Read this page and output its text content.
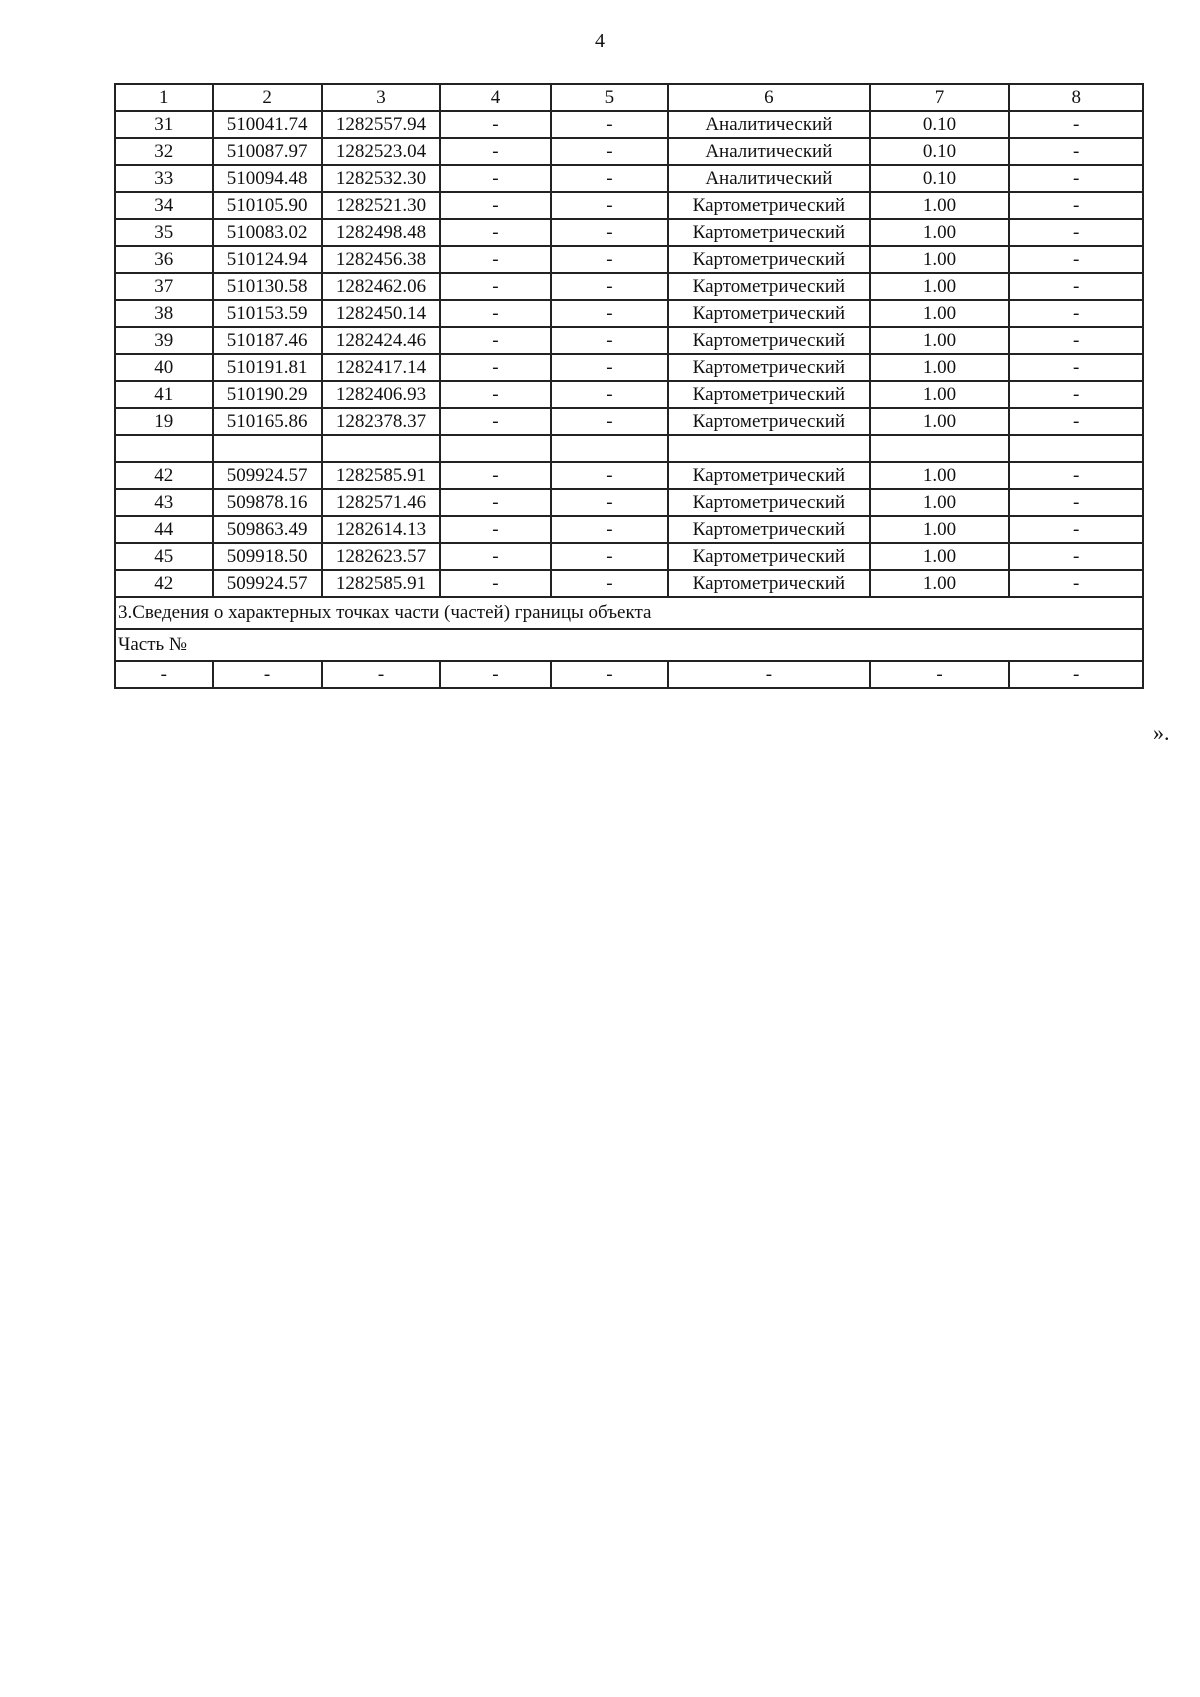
4
1	2	3	4	5	6	7	8
31	510041.74	1282557.94	-	-	Аналитический	0.10	-
32	510087.97	1282523.04	-	-	Аналитический	0.10	-
33	510094.48	1282532.30	-	-	Аналитический	0.10	-
34	510105.90	1282521.30	-	-	Картометрический	1.00	-
35	510083.02	1282498.48	-	-	Картометрический	1.00	-
36	510124.94	1282456.38	-	-	Картометрический	1.00	-
37	510130.58	1282462.06	-	-	Картометрический	1.00	-
38	510153.59	1282450.14	-	-	Картометрический	1.00	-
39	510187.46	1282424.46	-	-	Картометрический	1.00	-
40	510191.81	1282417.14	-	-	Картометрический	1.00	-
41	510190.29	1282406.93	-	-	Картометрический	1.00	-
19	510165.86	1282378.37	-	-	Картометрический	1.00	-

42	509924.57	1282585.91	-	-	Картометрический	1.00	-
43	509878.16	1282571.46	-	-	Картометрический	1.00	-
44	509863.49	1282614.13	-	-	Картометрический	1.00	-
45	509918.50	1282623.57	-	-	Картометрический	1.00	-
42	509924.57	1282585.91	-	-	Картометрический	1.00	-
3.Сведения о характерных точках части (частей) границы объекта							
Часть №							
-	-	-	-	-	-	-	-
».
